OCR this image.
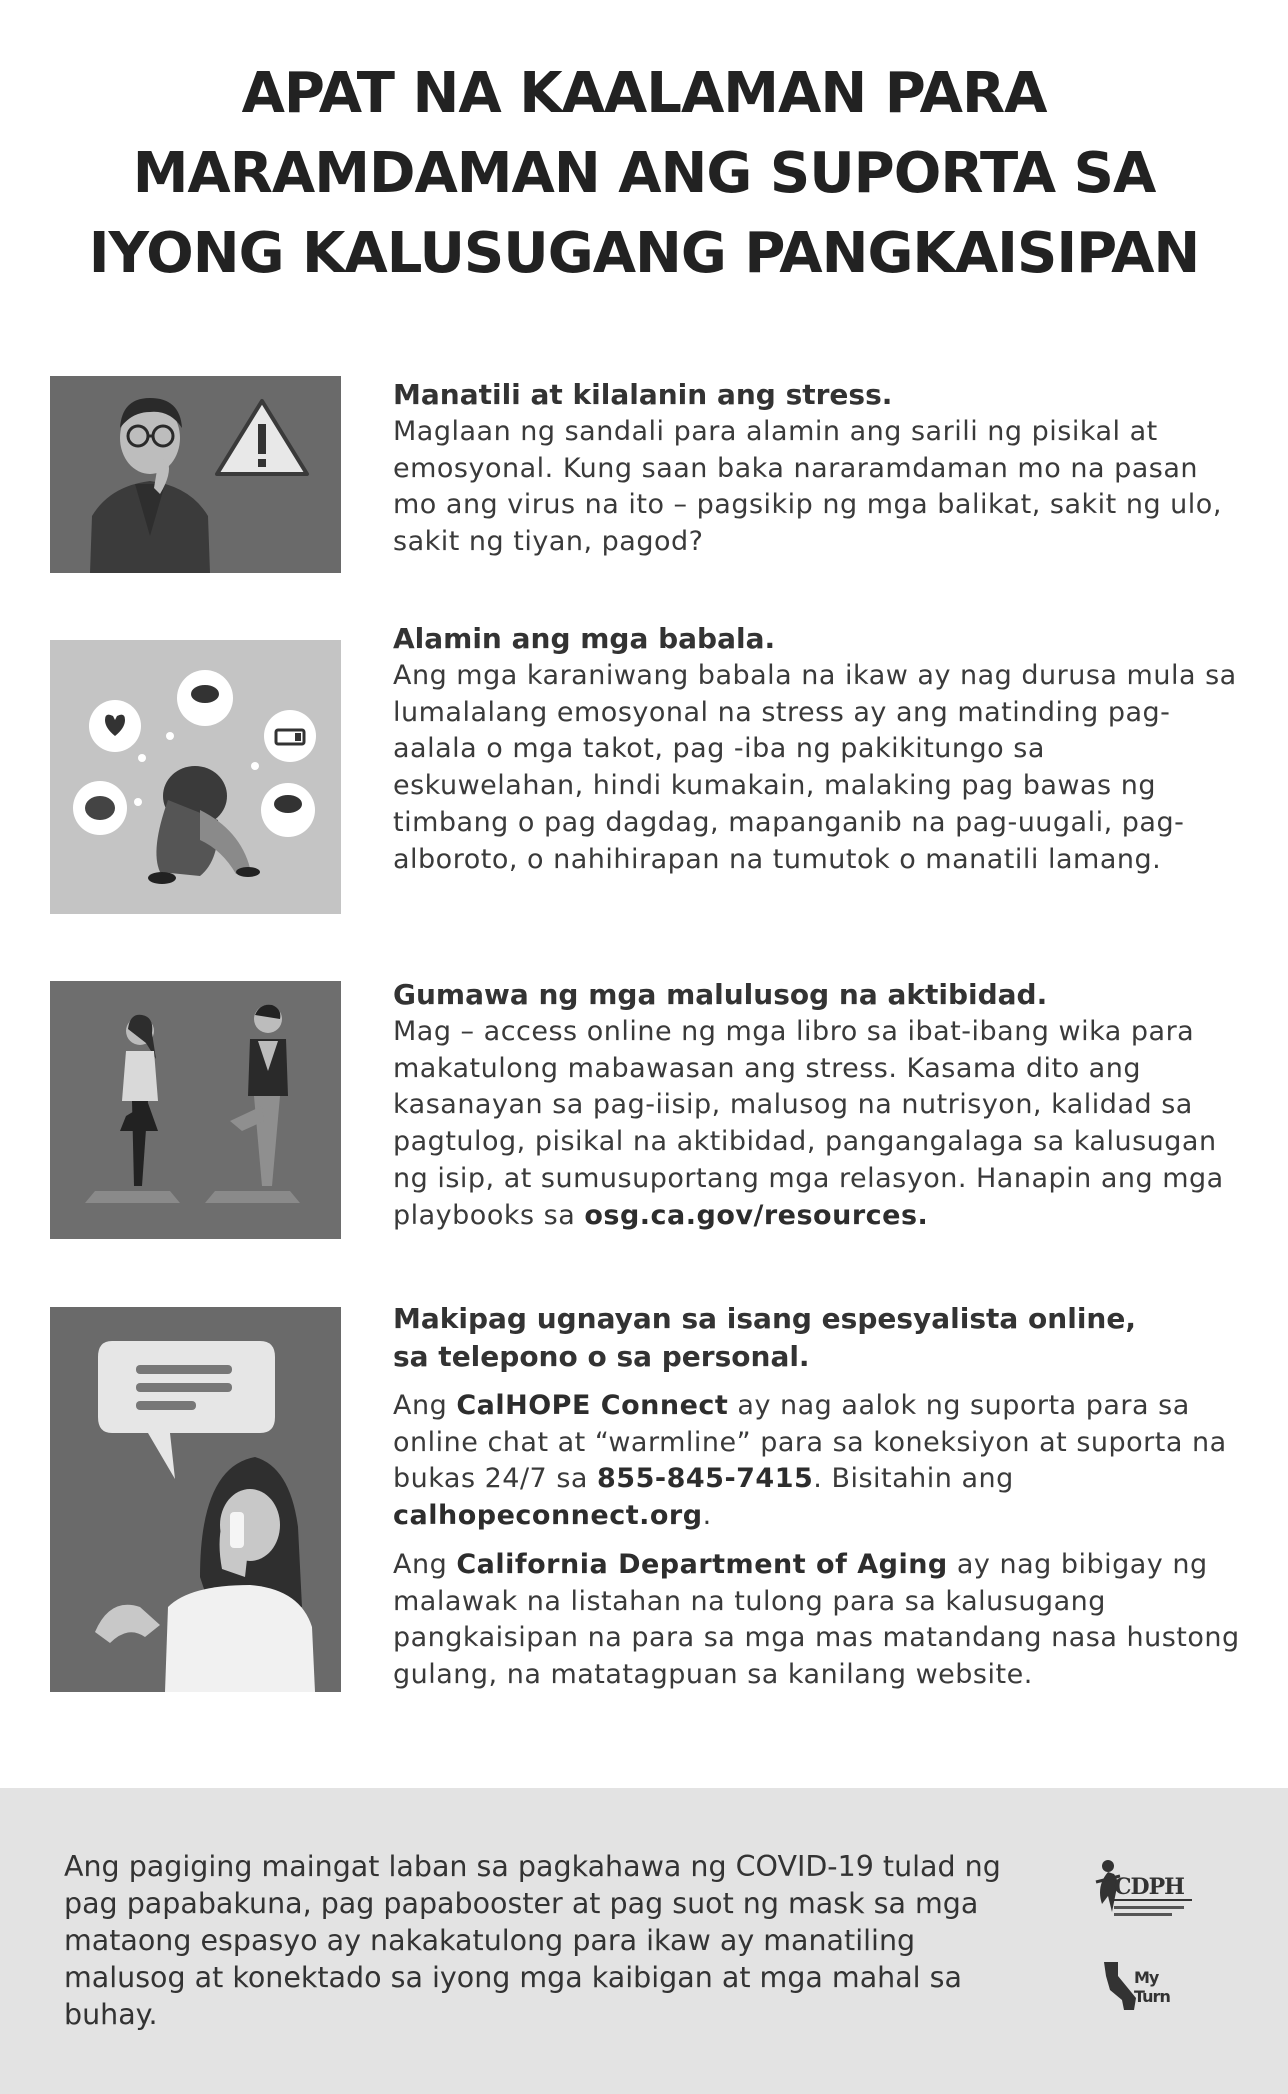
APAT NA KAALAMAN PARA
MARAMDAMAN ANG SUPORTA SA
IYONG KALUSUGANG PANGKAISIPAN

Manatili at kilalanin ang stress.

Maglaan ng sandali para alamin ang sarili ng pisikal at emosyonal. Kung saan baka nararamdaman mo na pasan mo ang virus na ito – pagsikip ng mga balikat, sakit ng ulo, sakit ng tiyan, pagod?

Alamin ang mga babala.

Ang mga karaniwang babala na ikaw ay nag durusa mula sa lumalalang emosyonal na stress ay ang matinding pag-aalala o mga takot, pag -iba ng pakikitungo sa eskuwelahan, hindi kumakain, malaking pag bawas ng timbang o pag dagdag, mapanganib na pag-uugali, pag-alboroto, o nahihirapan na tumutok o manatili lamang.

Gumawa ng mga malulusog na aktibidad.

Mag – access online ng mga libro sa ibat-ibang wika para makatulong mabawasan ang stress. Kasama dito ang kasanayan sa pag-iisip, malusog na nutrisyon, kalidad sa pagtulog, pisikal na aktibidad, pangangalaga sa kalusugan ng isip, at sumusuportang mga relasyon. Hanapin ang mga playbooks sa osg.ca.gov/resources.

Makipag ugnayan sa isang espesyalista online,
sa telepono o sa personal.

Ang CalHOPE Connect ay nag aalok ng suporta para sa online chat at “warmline” para sa koneksiyon at suporta na bukas 24/7 sa 855-845-7415. Bisitahin ang calhopeconnect.org.

Ang California Department of Aging ay nag bibigay ng malawak na listahan na tulong para sa kalusugang pangkaisipan na para sa mga mas matandang nasa hustong gulang, na matatagpuan sa kanilang website.

Ang pagiging maingat laban sa pagkahawa ng COVID-19 tulad ng pag papabakuna, pag papabooster at pag suot ng mask sa mga mataong espasyo ay nakakatulong para ikaw ay manatiling malusog at konektado sa iyong mga kaibigan at mga mahal sa buhay.

CDPH
My Turn
